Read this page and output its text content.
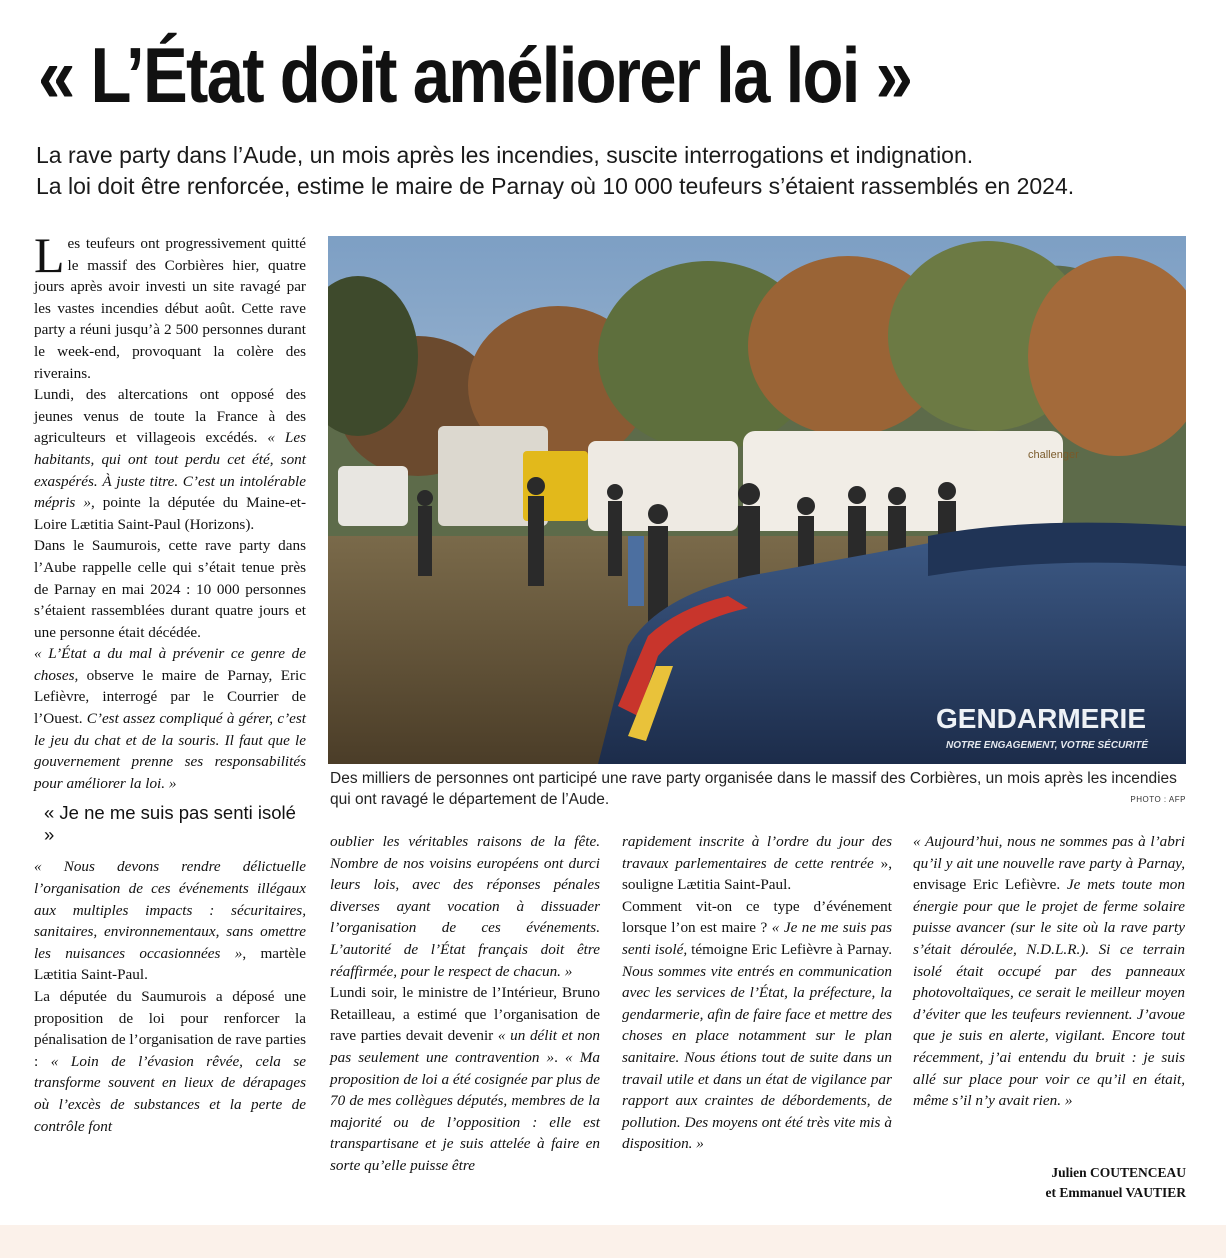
« L’État doit améliorer la loi »
La rave party dans l’Aude, un mois après les incendies, suscite interrogations et indignation.
La loi doit être renforcée, estime le maire de Parnay où 10 000 teufeurs s’étaient rassemblés en 2024.

Les teufeurs ont progressivement quitté le massif des Corbières hier, quatre jours après avoir investi un site ravagé par les vastes incendies début août. Cette rave party a réuni jusqu’à 2 500 personnes durant le week-end, provoquant la colère des riverains.

Lundi, des altercations ont opposé des jeunes venus de toute la France à des agriculteurs et villageois excédés. « Les habitants, qui ont tout perdu cet été, sont exaspérés. À juste titre. C’est un intolérable mépris », pointe la députée du Maine-et-Loire Lætitia Saint-Paul (Horizons).

Dans le Saumurois, cette rave party dans l’Aube rappelle celle qui s’était tenue près de Parnay en mai 2024 : 10 000 personnes s’étaient rassemblées durant quatre jours et une personne était décédée.

« L’État a du mal à prévenir ce genre de choses, observe le maire de Parnay, Eric Lefièvre, interrogé par le Courrier de l’Ouest. C’est assez compliqué à gérer, c’est le jeu du chat et de la souris. Il faut que le gouvernement prenne ses responsabilités pour améliorer la loi. »

« Je ne me suis pas senti isolé »

« Nous devons rendre délictuelle l’organisation de ces événements illégaux aux multiples impacts : sécuritaires, sanitaires, environnementaux, sans omettre les nuisances occasionnées », martèle Lætitia Saint-Paul.

La députée du Saumurois a déposé une proposition de loi pour renforcer la pénalisation de l’organisation de rave parties : « Loin de l’évasion rêvée, cela se transforme souvent en lieux de dérapages où l’excès de substances et la perte de contrôle font

challenger
GENDARMERIE
NOTRE ENGAGEMENT, VOTRE SÉCURITÉ
Des milliers de personnes ont participé une rave party organisée dans le massif des Corbières, un mois après les incendies qui ont ravagé le département de l’Aude.	PHOTO : AFP

oublier les véritables raisons de la fête. Nombre de nos voisins européens ont durci leurs lois, avec des réponses pénales diverses ayant vocation à dissuader l’organisation de ces événements. L’autorité de l’État français doit être réaffirmée, pour le respect de chacun. »

Lundi soir, le ministre de l’Intérieur, Bruno Retailleau, a estimé que l’organisation de rave parties devait devenir « un délit et non pas seulement une contravention ». « Ma proposition de loi a été cosignée par plus de 70 de mes collègues députés, membres de la majorité ou de l’opposition : elle est transpartisane et je suis attelée à faire en sorte qu’elle puisse être

rapidement inscrite à l’ordre du jour des travaux parlementaires de cette rentrée », souligne Lætitia Saint-Paul.

Comment vit-on ce type d’événement lorsque l’on est maire ? « Je ne me suis pas senti isolé, témoigne Eric Lefièvre à Parnay. Nous sommes vite entrés en communication avec les services de l’État, la préfecture, la gendarmerie, afin de faire face et mettre des choses en place notamment sur le plan sanitaire. Nous étions tout de suite dans un travail utile et dans un état de vigilance par rapport aux craintes de débordements, de pollution. Des moyens ont été très vite mis à disposition. »

« Aujourd’hui, nous ne sommes pas à l’abri qu’il y ait une nouvelle rave party à Parnay, envisage Eric Lefièvre. Je mets toute mon énergie pour que le projet de ferme solaire puisse avancer (sur le site où la rave party s’était déroulée, N.D.L.R.). Si ce terrain isolé était occupé par des panneaux photovoltaïques, ce serait le meilleur moyen d’éviter que les teufeurs reviennent. J’avoue que je suis en alerte, vigilant. Encore tout récemment, j’ai entendu du bruit : je suis allé sur place pour voir ce qu’il en était, même s’il n’y avait rien. »

Julien COUTENCEAU
et Emmanuel VAUTIER
